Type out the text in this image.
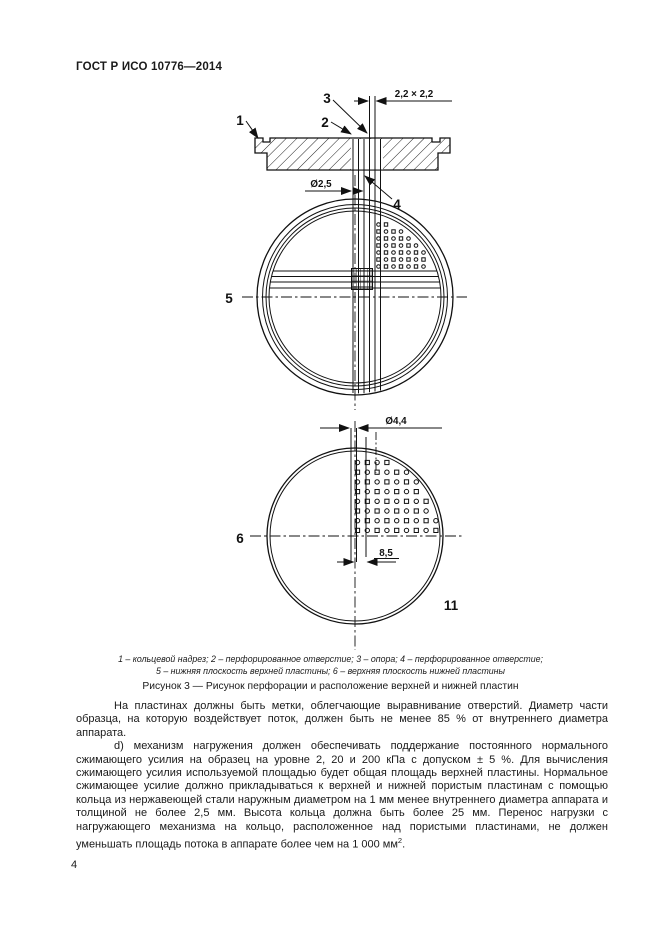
ГОСТ Р ИСО 10776—2014
2,2 × 2,2
Ø2,5
1	2
3
4
5
Ø4,4
8,5
6
11
1 – кольцевой надрез; 2 – перфорированное отверстие; 3 – опора; 4 – перфорированное отверстие;
5 – нижняя плоскость верхней пластины; 6 – верхняя плоскость нижней пластины
Рисунок 3 — Рисунок перфорации и расположение верхней и нижней пластин

На пластинах должны быть метки, облегчающие выравнивание отверстий. Диаметр части образца, на которую воздействует поток, должен быть не менее 85 % от внутреннего диаметра аппарата.

d) механизм нагружения должен обеспечивать поддержание постоянного нормального сжимающего усилия на образец на уровне 2, 20 и 200 кПа с допуском ± 5 %. Для вычисления сжимающего усилия используемой площадью будет общая площадь верхней пластины. Нормальное сжимающее усилие должно прикладываться к верхней и нижней пористым пластинам с помощью кольца из нержавеющей стали наружным диаметром на 1 мм менее внутреннего диаметра аппарата и толщиной не более 2,5 мм. Высота кольца должна быть более 25 мм. Перенос нагрузки с нагружающего механизма на кольцо, расположенное над пористыми пластинами, не должен уменьшать площадь потока в аппарате более чем на 1 000 $мм^2$.

4
